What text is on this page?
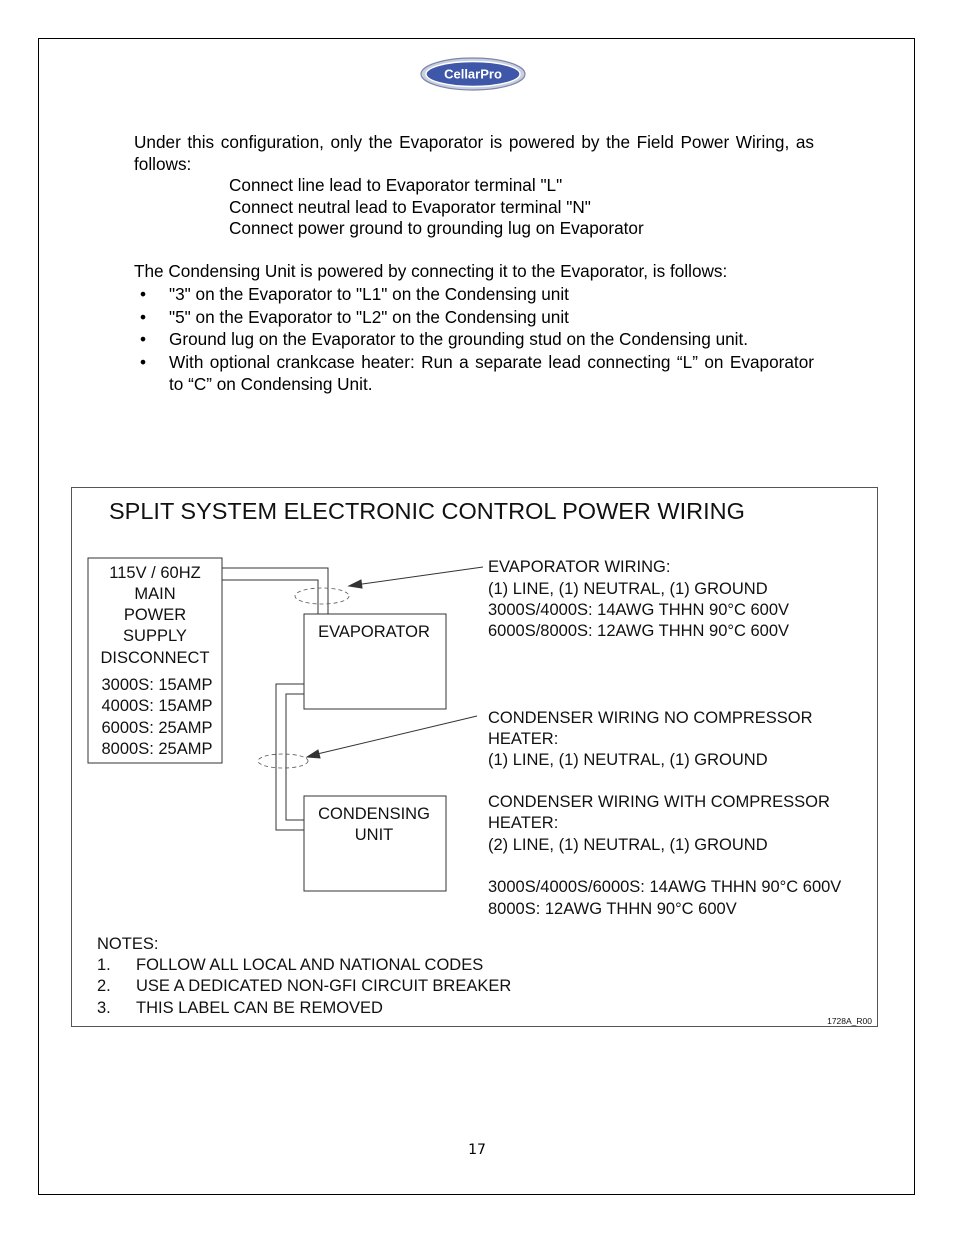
CellarPro
Under this configuration, only the Evaporator is powered by the Field Power Wiring, as follows:
Connect line lead to Evaporator terminal "L"
Connect neutral lead to Evaporator terminal "N"
Connect power ground to grounding lug on Evaporator
The Condensing Unit is powered by connecting it to the Evaporator, is follows:
• "3" on the Evaporator to "L1" on the Condensing unit
• "5" on the Evaporator to "L2" on the Condensing unit
• Ground lug on the Evaporator to the grounding stud on the Condensing unit.
• With optional crankcase heater: Run a separate lead connecting “L” on Evaporator to “C” on Condensing Unit.
SPLIT SYSTEM ELECTRONIC CONTROL POWER WIRING
115V / 60HZ
MAIN
POWER
SUPPLY
DISCONNECT
3000S: 15AMP
4000S: 15AMP
6000S: 25AMP
8000S: 25AMP
EVAPORATOR
CONDENSING
UNIT
EVAPORATOR WIRING:
(1) LINE, (1) NEUTRAL, (1) GROUND
3000S/4000S: 14AWG THHN 90°C 600V
6000S/8000S: 12AWG THHN 90°C 600V
CONDENSER WIRING NO COMPRESSOR
HEATER:
(1) LINE, (1) NEUTRAL, (1) GROUND
CONDENSER WIRING WITH COMPRESSOR
HEATER:
(2) LINE, (1) NEUTRAL, (1) GROUND
3000S/4000S/6000S: 14AWG THHN 90°C 600V
8000S: 12AWG THHN 90°C 600V
NOTES:
1. FOLLOW ALL LOCAL AND NATIONAL CODES
2. USE A DEDICATED NON-GFI CIRCUIT BREAKER
3. THIS LABEL CAN BE REMOVED
1728A_R00
17
